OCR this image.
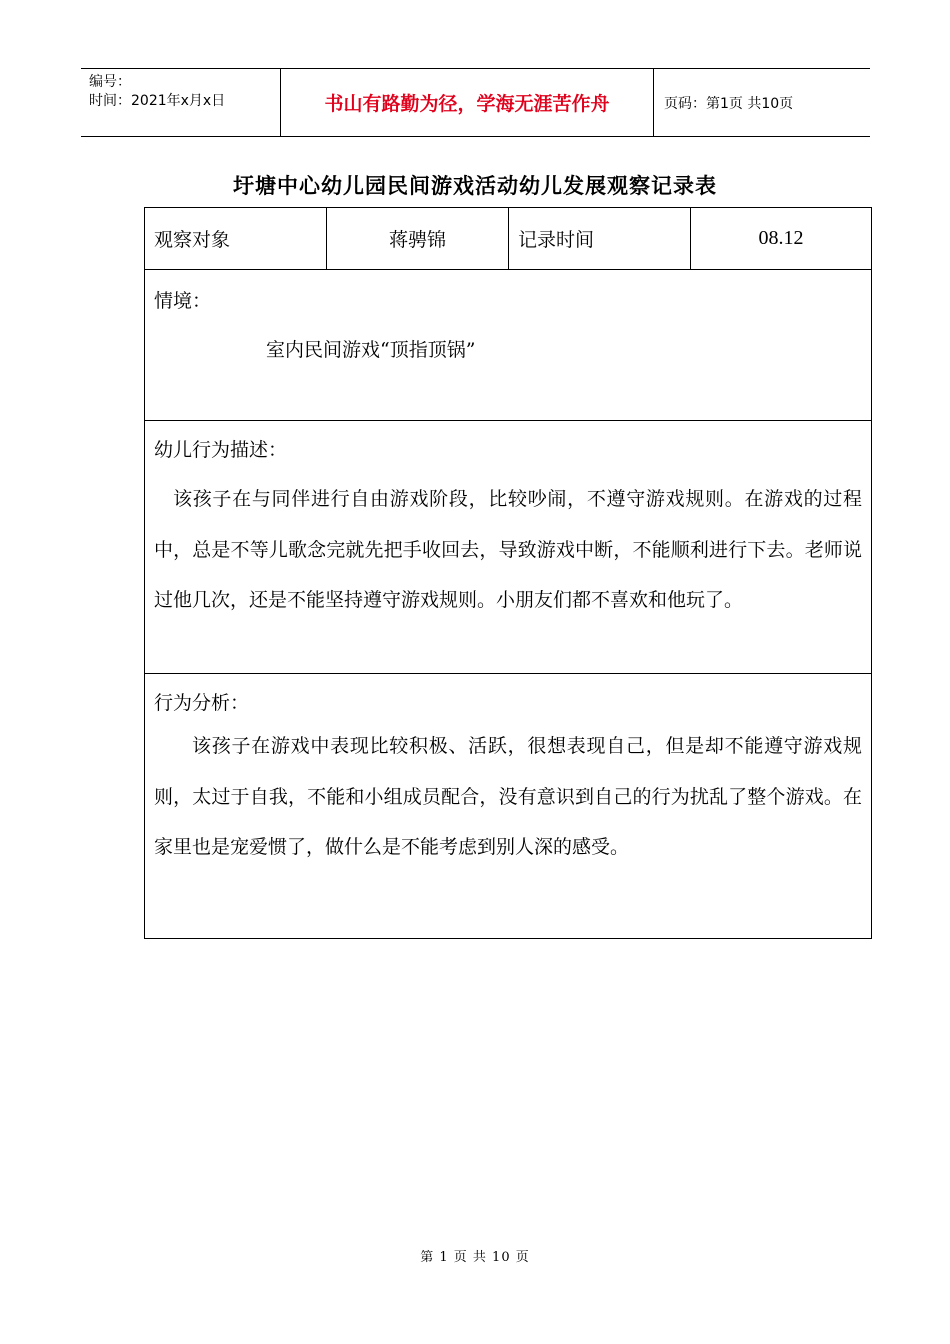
编号：
时间：2021年x月x日	书山有路勤为径，学海无涯苦作舟	页码：第1页 共10页
圩塘中心幼儿园民间游戏活动幼儿发展观察记录表
观察对象	蒋骋锦	记录时间	08.12
情境：
室内民间游戏“顶指顶锅”
幼儿行为描述：
该孩子在与同伴进行自由游戏阶段，比较吵闹，不遵守游戏规则。在游戏的过程中，总是不等儿歌念完就先把手收回去，导致游戏中断，不能顺利进行下去。老师说过他几次，还是不能坚持遵守游戏规则。小朋友们都不喜欢和他玩了。
行为分析：
该孩子在游戏中表现比较积极、活跃，很想表现自己，但是却不能遵守游戏规则，太过于自我，不能和小组成员配合，没有意识到自己的行为扰乱了整个游戏。在家里也是宠爱惯了，做什么是不能考虑到别人深的感受。
第 1 页 共 10 页
